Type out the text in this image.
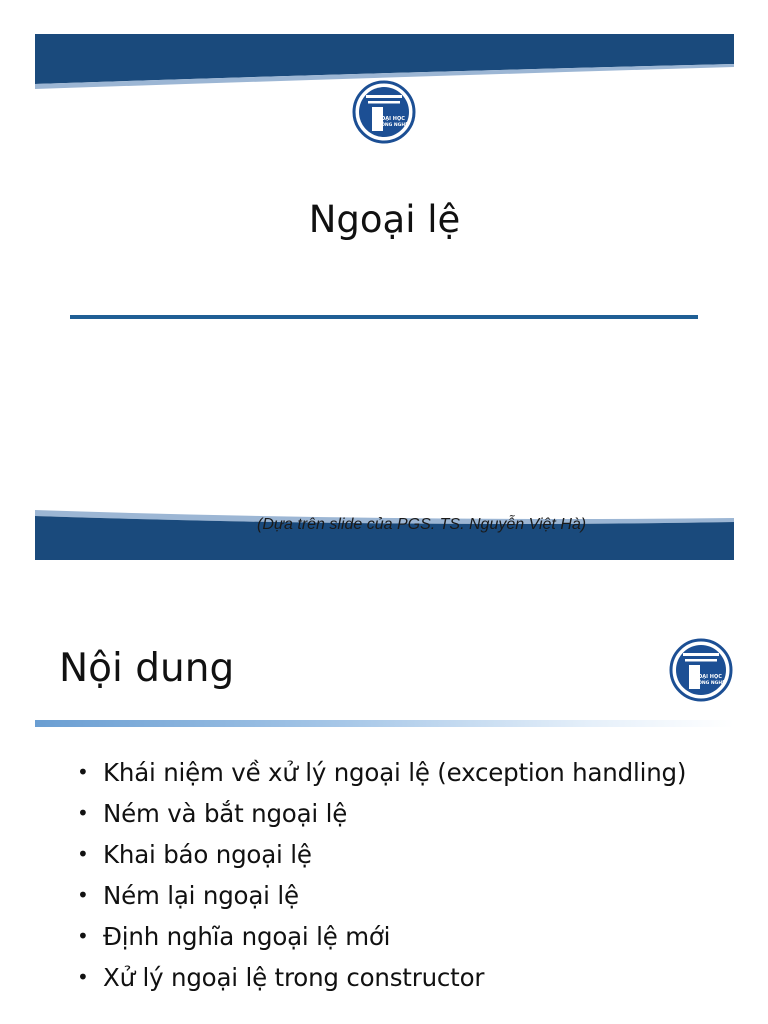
ĐẠI HỌC
CÔNG NGHỆ
Ngoại lệ
(Dựa trên slide của PGS. TS. Nguyễn Việt Hà)
Nội dung	ĐẠI HỌC
CÔNG NGHỆ
• Khái niệm về xử lý ngoại lệ (exception handling)
• Ném và bắt ngoại lệ
• Khai báo ngoại lệ
• Ném lại ngoại lệ
• Định nghĩa ngoại lệ mới
• Xử lý ngoại lệ trong constructor
